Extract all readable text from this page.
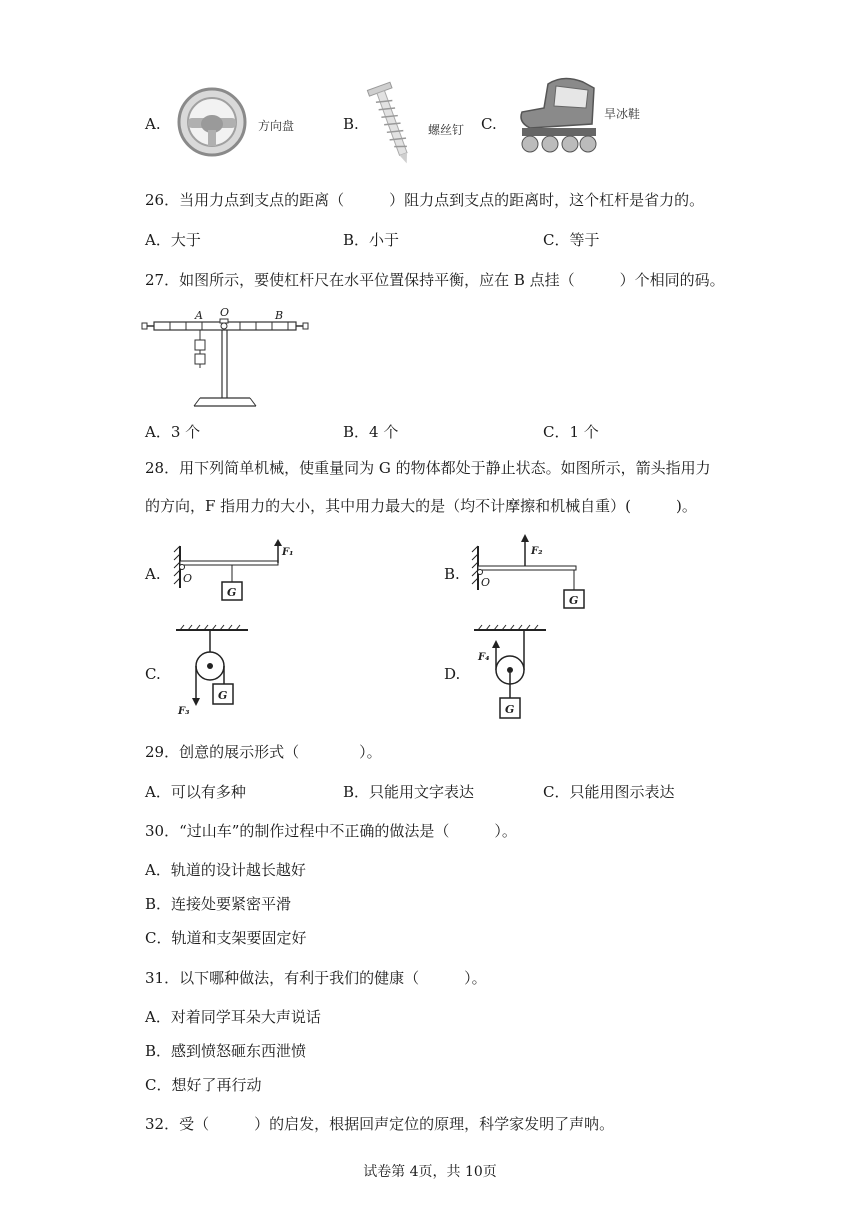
A.	方向盘	B.	螺丝钉 C.
旱冰鞋
26．当用力点到支点的距离（　　　）阻力点到支点的距离时，这个杠杆是省力的。
A．大于	B．小于	C．等于
27．如图所示，要使杠杆尺在水平位置保持平衡，应在 B 点挂（　　　）个相同的码。
A O	B
A．3 个	B．4 个	C．1 个
28．用下列简单机械，使重量同为 G 的物体都处于静止状态。如图所示，箭头指用力
的方向，F 指用力的大小，其中用力最大的是（均不计摩擦和机械自重）(　　　)。
A. O
F₁
G
B. O
F₂
G
C.
F₃
G
D.
F₄
G
29．创意的展示形式（　　　　）。
A．可以有多种	B．只能用文字表达	C．只能用图示表达
30．“过山车”的制作过程中不正确的做法是（　　　）。
A．轨道的设计越长越好
B．连接处要紧密平滑
C．轨道和支架要固定好
31．以下哪种做法，有利于我们的健康（　　　）。
A．对着同学耳朵大声说话
B．感到愤怒砸东西泄愤
C．想好了再行动
32．受（　　　）的启发，根据回声定位的原理，科学家发明了声呐。
试卷第 4页，共 10页
